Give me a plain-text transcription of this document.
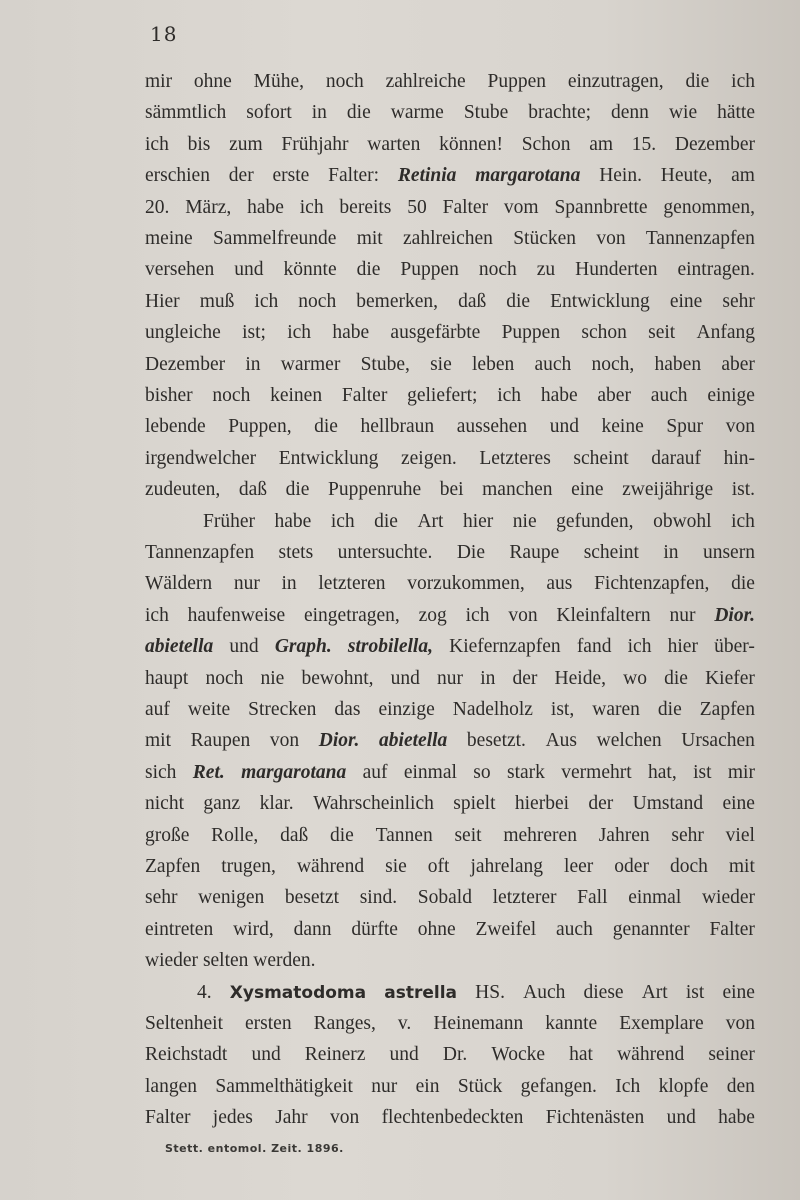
18
mir ohne Mühe, noch zahlreiche Puppen einzutragen, die ich
sämmtlich sofort in die warme Stube brachte; denn wie hätte
ich bis zum Frühjahr warten können! Schon am 15. Dezember
erschien der erste Falter: Retinia margarotana Hein. Heute, am
20. März, habe ich bereits 50 Falter vom Spannbrette genommen,
meine Sammelfreunde mit zahlreichen Stücken von Tannenzapfen
versehen und könnte die Puppen noch zu Hunderten eintragen.
Hier muß ich noch bemerken, daß die Entwicklung eine sehr
ungleiche ist; ich habe ausgefärbte Puppen schon seit Anfang
Dezember in warmer Stube, sie leben auch noch, haben aber
bisher noch keinen Falter geliefert; ich habe aber auch einige
lebende Puppen, die hellbraun aussehen und keine Spur von
irgendwelcher Entwicklung zeigen. Letzteres scheint darauf hin-
zudeuten, daß die Puppenruhe bei manchen eine zweijährige ist.
Früher habe ich die Art hier nie gefunden, obwohl ich
Tannenzapfen stets untersuchte. Die Raupe scheint in unsern
Wäldern nur in letzteren vorzukommen, aus Fichtenzapfen, die
ich haufenweise eingetragen, zog ich von Kleinfaltern nur Dior.
abietella und Graph. strobilella, Kiefernzapfen fand ich hier über-
haupt noch nie bewohnt, und nur in der Heide, wo die Kiefer
auf weite Strecken das einzige Nadelholz ist, waren die Zapfen
mit Raupen von Dior. abietella besetzt. Aus welchen Ursachen
sich Ret. margarotana auf einmal so stark vermehrt hat, ist mir
nicht ganz klar. Wahrscheinlich spielt hierbei der Umstand eine
große Rolle, daß die Tannen seit mehreren Jahren sehr viel
Zapfen trugen, während sie oft jahrelang leer oder doch mit
sehr wenigen besetzt sind. Sobald letzterer Fall einmal wieder
eintreten wird, dann dürfte ohne Zweifel auch genannter Falter
wieder selten werden.
4. Xysmatodoma astrella HS. Auch diese Art ist eine
Seltenheit ersten Ranges, v. Heinemann kannte Exemplare von
Reichstadt und Reinerz und Dr. Wocke hat während seiner
langen Sammelthätigkeit nur ein Stück gefangen. Ich klopfe den
Falter jedes Jahr von flechtenbedeckten Fichtenästen und habe
Stett. entomol. Zeit. 1896.
